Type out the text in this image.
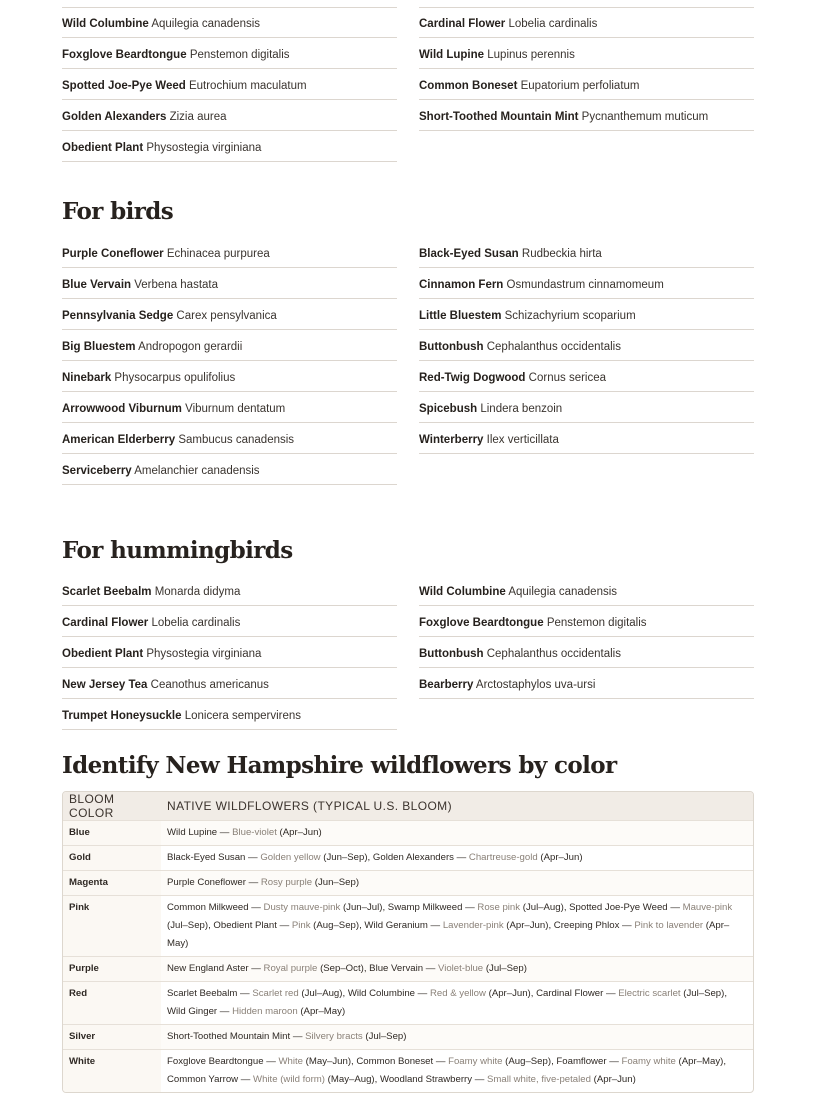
Wild Columbine Aquilegia canadensis
Foxglove Beardtongue Penstemon digitalis
Spotted Joe-Pye Weed Eutrochium maculatum
Golden Alexanders Zizia aurea
Obedient Plant Physostegia virginiana
Cardinal Flower Lobelia cardinalis
Wild Lupine Lupinus perennis
Common Boneset Eupatorium perfoliatum
Short-Toothed Mountain Mint Pycnanthemum muticum
For birds
Purple Coneflower Echinacea purpurea
Blue Vervain Verbena hastata
Pennsylvania Sedge Carex pensylvanica
Big Bluestem Andropogon gerardii
Ninebark Physocarpus opulifolius
Arrowwood Viburnum Viburnum dentatum
American Elderberry Sambucus canadensis
Serviceberry Amelanchier canadensis
Black-Eyed Susan Rudbeckia hirta
Cinnamon Fern Osmundastrum cinnamomeum
Little Bluestem Schizachyrium scoparium
Buttonbush Cephalanthus occidentalis
Red-Twig Dogwood Cornus sericea
Spicebush Lindera benzoin
Winterberry Ilex verticillata
For hummingbirds
Scarlet Beebalm Monarda didyma
Cardinal Flower Lobelia cardinalis
Obedient Plant Physostegia virginiana
New Jersey Tea Ceanothus americanus
Trumpet Honeysuckle Lonicera sempervirens
Wild Columbine Aquilegia canadensis
Foxglove Beardtongue Penstemon digitalis
Buttonbush Cephalanthus occidentalis
Bearberry Arctostaphylos uva-ursi
Identify New Hampshire wildflowers by color
BLOOM COLOR	NATIVE WILDFLOWERS (TYPICAL U.S. BLOOM)
Blue	Wild Lupine — Blue-violet (Apr–Jun)
Gold	Black-Eyed Susan — Golden yellow (Jun–Sep), Golden Alexanders — Chartreuse-gold (Apr–Jun)
Magenta	Purple Coneflower — Rosy purple (Jun–Sep)
Pink	Common Milkweed — Dusty mauve-pink (Jun–Jul), Swamp Milkweed — Rose pink (Jul–Aug), Spotted Joe-Pye Weed — Mauve-pink (Jul–Sep), Obedient Plant — Pink (Aug–Sep), Wild Geranium — Lavender-pink (Apr–Jun), Creeping Phlox — Pink to lavender (Apr–May)
Purple	New England Aster — Royal purple (Sep–Oct), Blue Vervain — Violet-blue (Jul–Sep)
Red	Scarlet Beebalm — Scarlet red (Jul–Aug), Wild Columbine — Red & yellow (Apr–Jun), Cardinal Flower — Electric scarlet (Jul–Sep), Wild Ginger — Hidden maroon (Apr–May)
Silver	Short-Toothed Mountain Mint — Silvery bracts (Jul–Sep)
White	Foxglove Beardtongue — White (May–Jun), Common Boneset — Foamy white (Aug–Sep), Foamflower — Foamy white (Apr–May), Common Yarrow — White (wild form) (May–Aug), Woodland Strawberry — Small white, five-petaled (Apr–Jun)
